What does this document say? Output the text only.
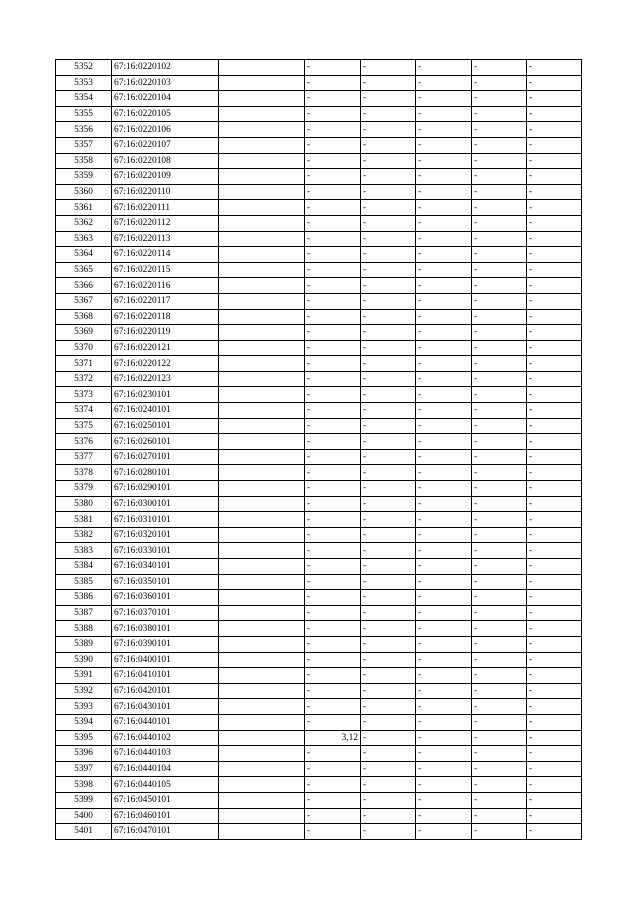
5352	67:16:0220102		-	-	-	-	-
5353	67:16:0220103		-	-	-	-	-
5354	67:16:0220104		-	-	-	-	-
5355	67:16:0220105		-	-	-	-	-
5356	67:16:0220106		-	-	-	-	-
5357	67:16:0220107		-	-	-	-	-
5358	67:16:0220108		-	-	-	-	-
5359	67:16:0220109		-	-	-	-	-
5360	67:16:0220110		-	-	-	-	-
5361	67:16:0220111		-	-	-	-	-
5362	67:16:0220112		-	-	-	-	-
5363	67:16:0220113		-	-	-	-	-
5364	67:16:0220114		-	-	-	-	-
5365	67:16:0220115		-	-	-	-	-
5366	67:16:0220116		-	-	-	-	-
5367	67:16:0220117		-	-	-	-	-
5368	67:16:0220118		-	-	-	-	-
5369	67:16:0220119		-	-	-	-	-
5370	67:16:0220121		-	-	-	-	-
5371	67:16:0220122		-	-	-	-	-
5372	67:16:0220123		-	-	-	-	-
5373	67:16:0230101		-	-	-	-	-
5374	67:16:0240101		-	-	-	-	-
5375	67:16:0250101		-	-	-	-	-
5376	67:16:0260101		-	-	-	-	-
5377	67:16:0270101		-	-	-	-	-
5378	67:16:0280101		-	-	-	-	-
5379	67:16:0290101		-	-	-	-	-
5380	67:16:0300101		-	-	-	-	-
5381	67:16:0310101		-	-	-	-	-
5382	67:16:0320101		-	-	-	-	-
5383	67:16:0330101		-	-	-	-	-
5384	67:16:0340101		-	-	-	-	-
5385	67:16:0350101		-	-	-	-	-
5386	67:16:0360101		-	-	-	-	-
5387	67:16:0370101		-	-	-	-	-
5388	67:16:0380101		-	-	-	-	-
5389	67:16:0390101		-	-	-	-	-
5390	67:16:0400101		-	-	-	-	-
5391	67:16:0410101		-	-	-	-	-
5392	67:16:0420101		-	-	-	-	-
5393	67:16:0430101		-	-	-	-	-
5394	67:16:0440101		-	-	-	-	-
5395	67:16:0440102		3,12	-	-	-	-
5396	67:16:0440103		-	-	-	-	-
5397	67:16:0440104		-	-	-	-	-
5398	67:16:0440105		-	-	-	-	-
5399	67:16:0450101		-	-	-	-	-
5400	67:16:0460101		-	-	-	-	-
5401	67:16:0470101		-	-	-	-	-
